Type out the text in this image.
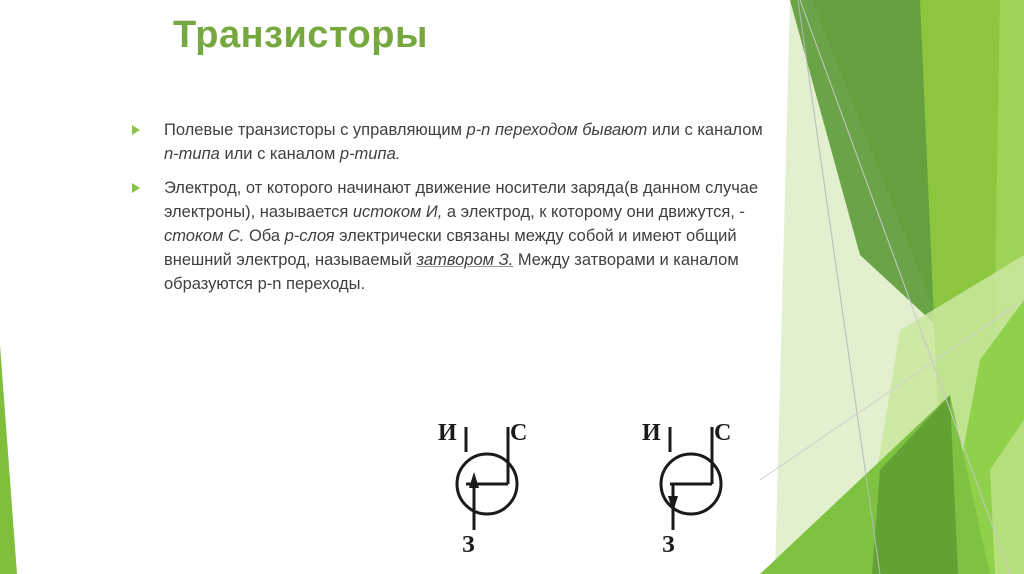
Транзисторы
Полевые транзисторы с управляющим p-n переходом бывают или с каналом
n-типа или с каналом p-типа.
Электрод, от которого начинают движение носители заряда(в данном случае
электроны), называется истоком И, а электрод, к которому они движутся, -
стоком С. Оба р-слоя электрически связаны между собой и имеют общий
внешний электрод, называемый затвором З. Между затворами и каналом
образуются p-n переходы.
И С
З
И С
З
